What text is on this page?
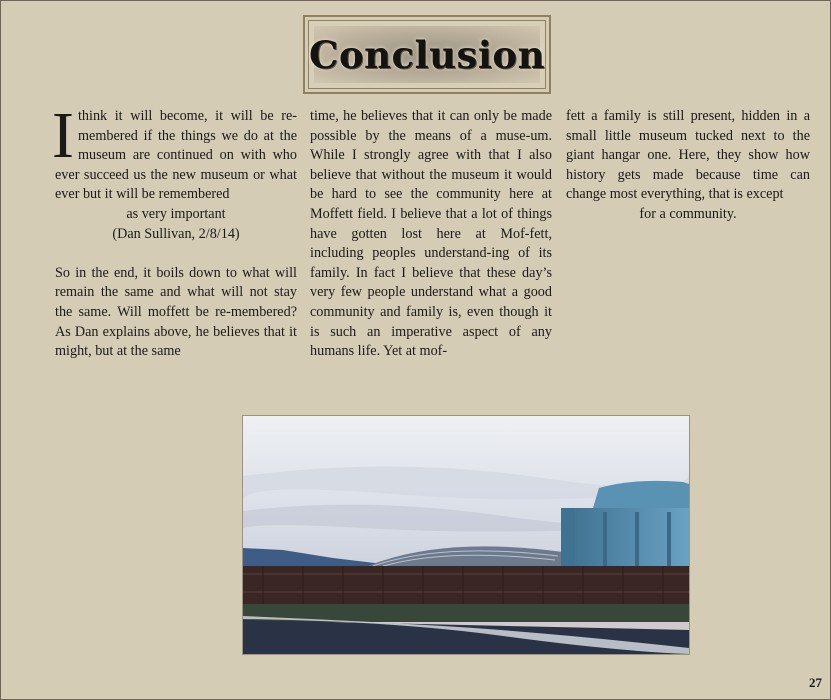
Conclusion

Ithink it will become, it will be re-membered if the things we do at the museum are continued on with who ever succeed us the new museum or what ever but it will be remembered

as very important

(Dan Sullivan, 2/8/14)

So in the end, it boils down to what will remain the same and what will not stay the same. Will moffett be re-membered? As Dan explains above, he believes that it might, but at the same

time, he believes that it can only be made possible by the means of a muse-um. While I strongly agree with that I also believe that without the museum it would be hard to see the community here at Moffett field. I believe that a lot of things have gotten lost here at Mof-fett, including peoples understand-ing of its family. In fact I believe that these day’s very few people understand what a good community and family is, even though it is such an imperative aspect of any humans life. Yet at mof-

fett a family is still present, hidden in a small little museum tucked next to the giant hangar one. Here, they show how history gets made because time can change most everything, that is except

for a community.

27
